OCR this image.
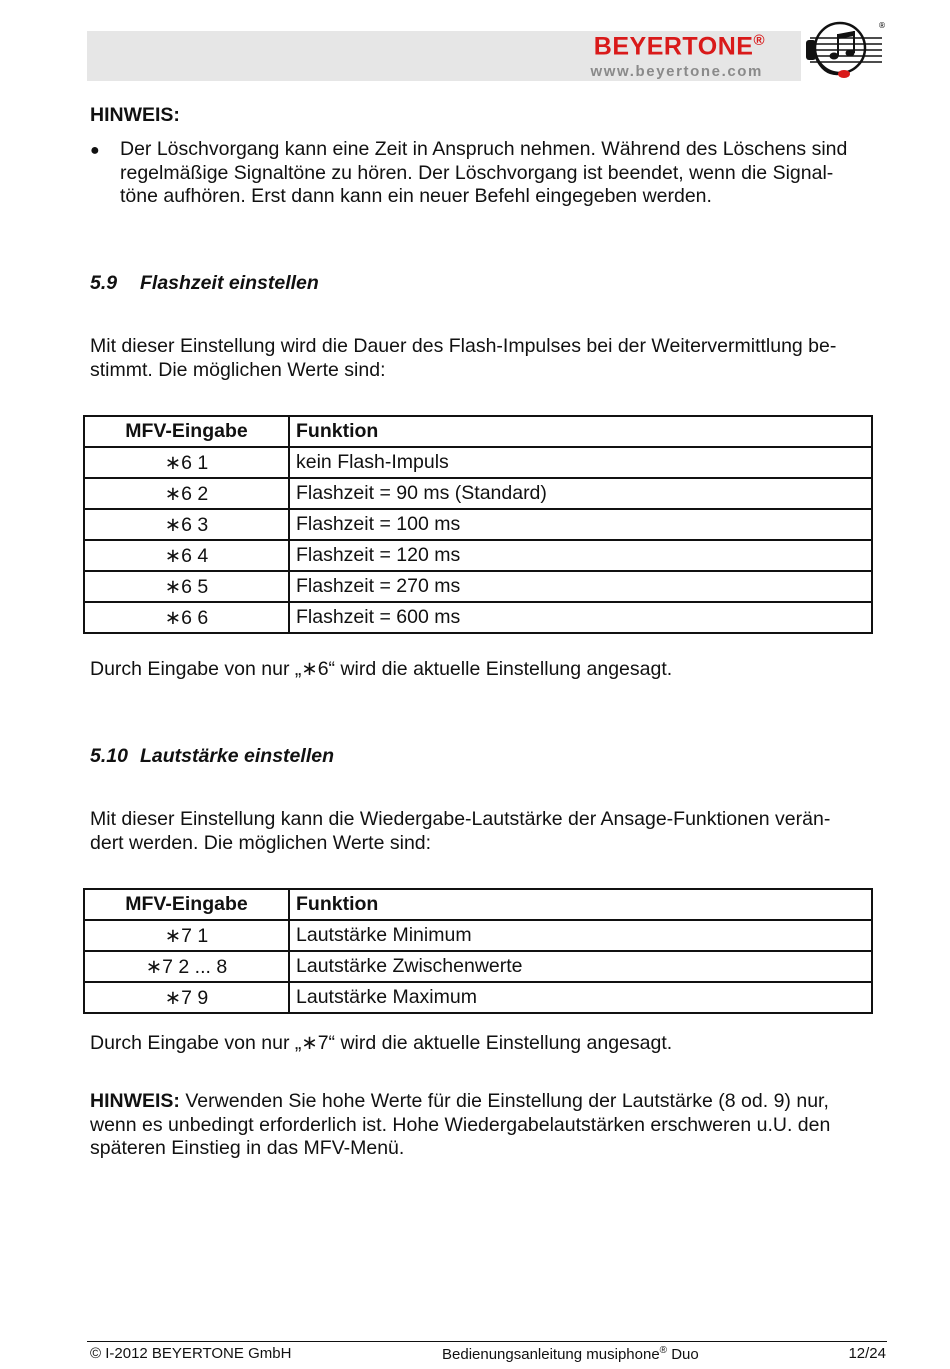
BEYERTONE®
www.beyertone.com
®
HINWEIS:
● Der Löschvorgang kann eine Zeit in Anspruch nehmen. Während des Löschens sind
regelmäßige Signaltöne zu hören. Der Löschvorgang ist beendet, wenn die Signal-
töne aufhören. Erst dann kann ein neuer Befehl eingegeben werden.
5.9 Flashzeit einstellen
Mit dieser Einstellung wird die Dauer des Flash-Impulses bei der Weitervermittlung be-
stimmt. Die möglichen Werte sind:
MFV-Eingabe	Funktion
∗6 1	kein Flash-Impuls
∗6 2	Flashzeit = 90 ms (Standard)
∗6 3	Flashzeit = 100 ms
∗6 4	Flashzeit = 120 ms
∗6 5	Flashzeit = 270 ms
∗6 6	Flashzeit = 600 ms
Durch Eingabe von nur „∗6“ wird die aktuelle Einstellung angesagt.
5.10 Lautstärke einstellen
Mit dieser Einstellung kann die Wiedergabe-Lautstärke der Ansage-Funktionen verän-
dert werden. Die möglichen Werte sind:
MFV-Eingabe	Funktion
∗7 1	Lautstärke Minimum
∗7 2 ... 8	Lautstärke Zwischenwerte
∗7 9	Lautstärke Maximum
Durch Eingabe von nur „∗7“ wird die aktuelle Einstellung angesagt.
HINWEIS: Verwenden Sie hohe Werte für die Einstellung der Lautstärke (8 od. 9) nur,
wenn es unbedingt erforderlich ist. Hohe Wiedergabelautstärken erschweren u.U. den
späteren Einstieg in das MFV-Menü.
© I-2012 BEYERTONE GmbH	Bedienungsanleitung musiphone® Duo	12/24
